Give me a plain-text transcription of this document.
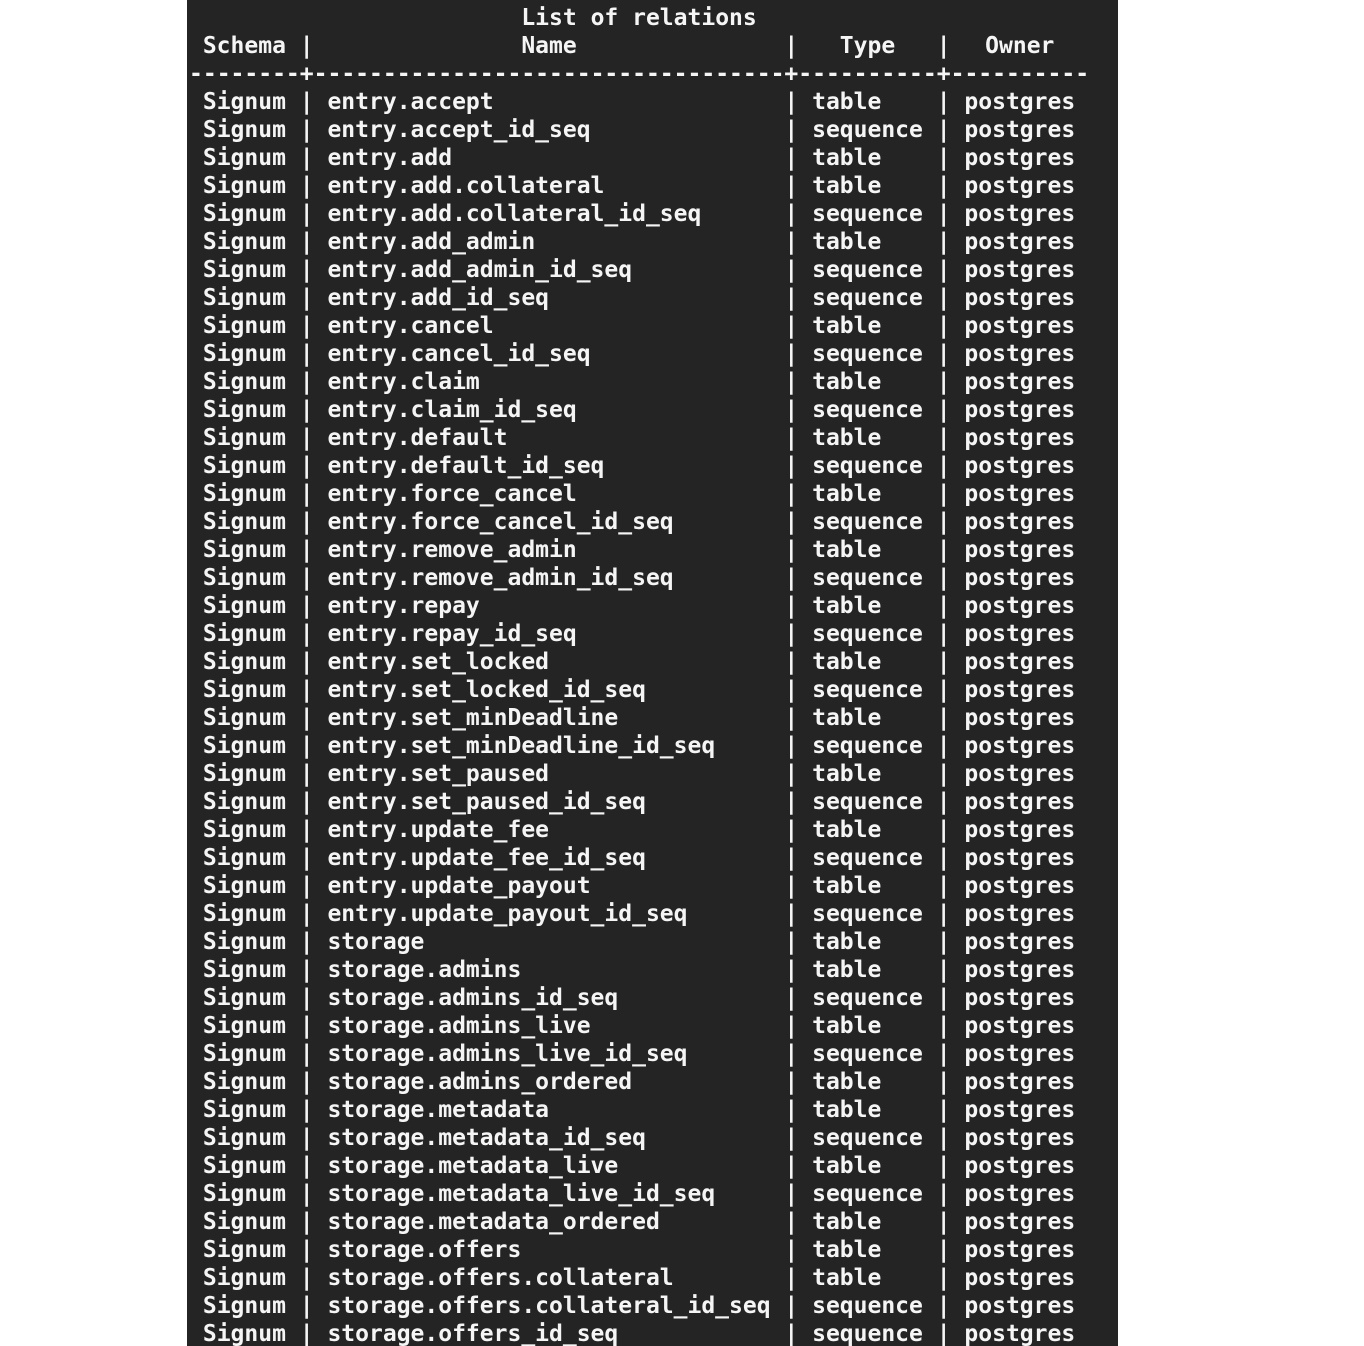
List of relations
Schema |	Name	| Type | Owner
--------+----------------------------------+----------+----------
Signum | entry.accept	| table | postgres
Signum | entry.accept_id_seq	| sequence | postgres
Signum | entry.add	| table | postgres
Signum | entry.add.collateral	| table | postgres
Signum | entry.add.collateral_id_seq	| sequence | postgres
Signum | entry.add_admin	| table | postgres
Signum | entry.add_admin_id_seq	| sequence | postgres
Signum | entry.add_id_seq	| sequence | postgres
Signum | entry.cancel	| table | postgres
Signum | entry.cancel_id_seq	| sequence | postgres
Signum | entry.claim	| table | postgres
Signum | entry.claim_id_seq	| sequence | postgres
Signum | entry.default	| table | postgres
Signum | entry.default_id_seq	| sequence | postgres
Signum | entry.force_cancel	| table | postgres
Signum | entry.force_cancel_id_seq	| sequence | postgres
Signum | entry.remove_admin	| table | postgres
Signum | entry.remove_admin_id_seq	| sequence | postgres
Signum | entry.repay	| table | postgres
Signum | entry.repay_id_seq	| sequence | postgres
Signum | entry.set_locked	| table | postgres
Signum | entry.set_locked_id_seq	| sequence | postgres
Signum | entry.set_minDeadline	| table | postgres
Signum | entry.set_minDeadline_id_seq	| sequence | postgres
Signum | entry.set_paused	| table | postgres
Signum | entry.set_paused_id_seq	| sequence | postgres
Signum | entry.update_fee	| table | postgres
Signum | entry.update_fee_id_seq	| sequence | postgres
Signum | entry.update_payout	| table | postgres
Signum | entry.update_payout_id_seq	| sequence | postgres
Signum | storage	| table | postgres
Signum | storage.admins	| table | postgres
Signum | storage.admins_id_seq	| sequence | postgres
Signum | storage.admins_live	| table | postgres
Signum | storage.admins_live_id_seq	| sequence | postgres
Signum | storage.admins_ordered	| table | postgres
Signum | storage.metadata	| table | postgres
Signum | storage.metadata_id_seq	| sequence | postgres
Signum | storage.metadata_live	| table | postgres
Signum | storage.metadata_live_id_seq	| sequence | postgres
Signum | storage.metadata_ordered	| table | postgres
Signum | storage.offers	| table | postgres
Signum | storage.offers.collateral	| table | postgres
Signum | storage.offers.collateral_id_seq | sequence | postgres
Signum | storage.offers_id_seq	| sequence | postgres
